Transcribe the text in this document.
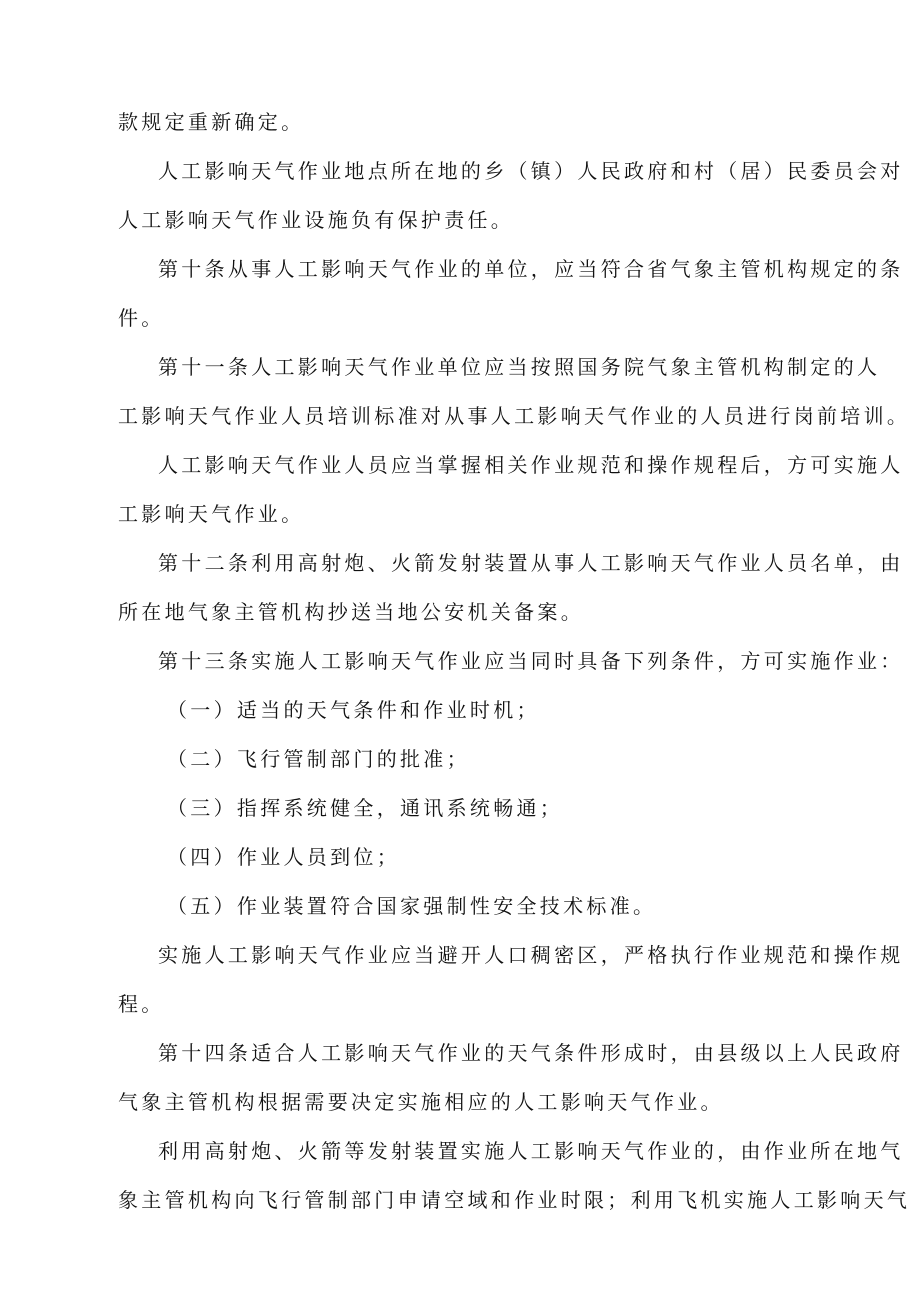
款规定重新确定。
人工影响天气作业地点所在地的乡（镇）人民政府和村（居）民委员会对
人工影响天气作业设施负有保护责任。
第十条从事人工影响天气作业的单位，应当符合省气象主管机构规定的条
件。
第十一条人工影响天气作业单位应当按照国务院气象主管机构制定的人
工影响天气作业人员培训标准对从事人工影响天气作业的人员进行岗前培训。
人工影响天气作业人员应当掌握相关作业规范和操作规程后，方可实施人
工影响天气作业。
第十二条利用高射炮、火箭发射装置从事人工影响天气作业人员名单，由
所在地气象主管机构抄送当地公安机关备案。
第十三条实施人工影响天气作业应当同时具备下列条件，方可实施作业：
（一）适当的天气条件和作业时机；
（二）飞行管制部门的批准；
（三）指挥系统健全，通讯系统畅通；
（四）作业人员到位；
（五）作业装置符合国家强制性安全技术标准。
实施人工影响天气作业应当避开人口稠密区，严格执行作业规范和操作规
程。
第十四条适合人工影响天气作业的天气条件形成时，由县级以上人民政府
气象主管机构根据需要决定实施相应的人工影响天气作业。
利用高射炮、火箭等发射装置实施人工影响天气作业的，由作业所在地气
象主管机构向飞行管制部门申请空域和作业时限；利用飞机实施人工影响天气
